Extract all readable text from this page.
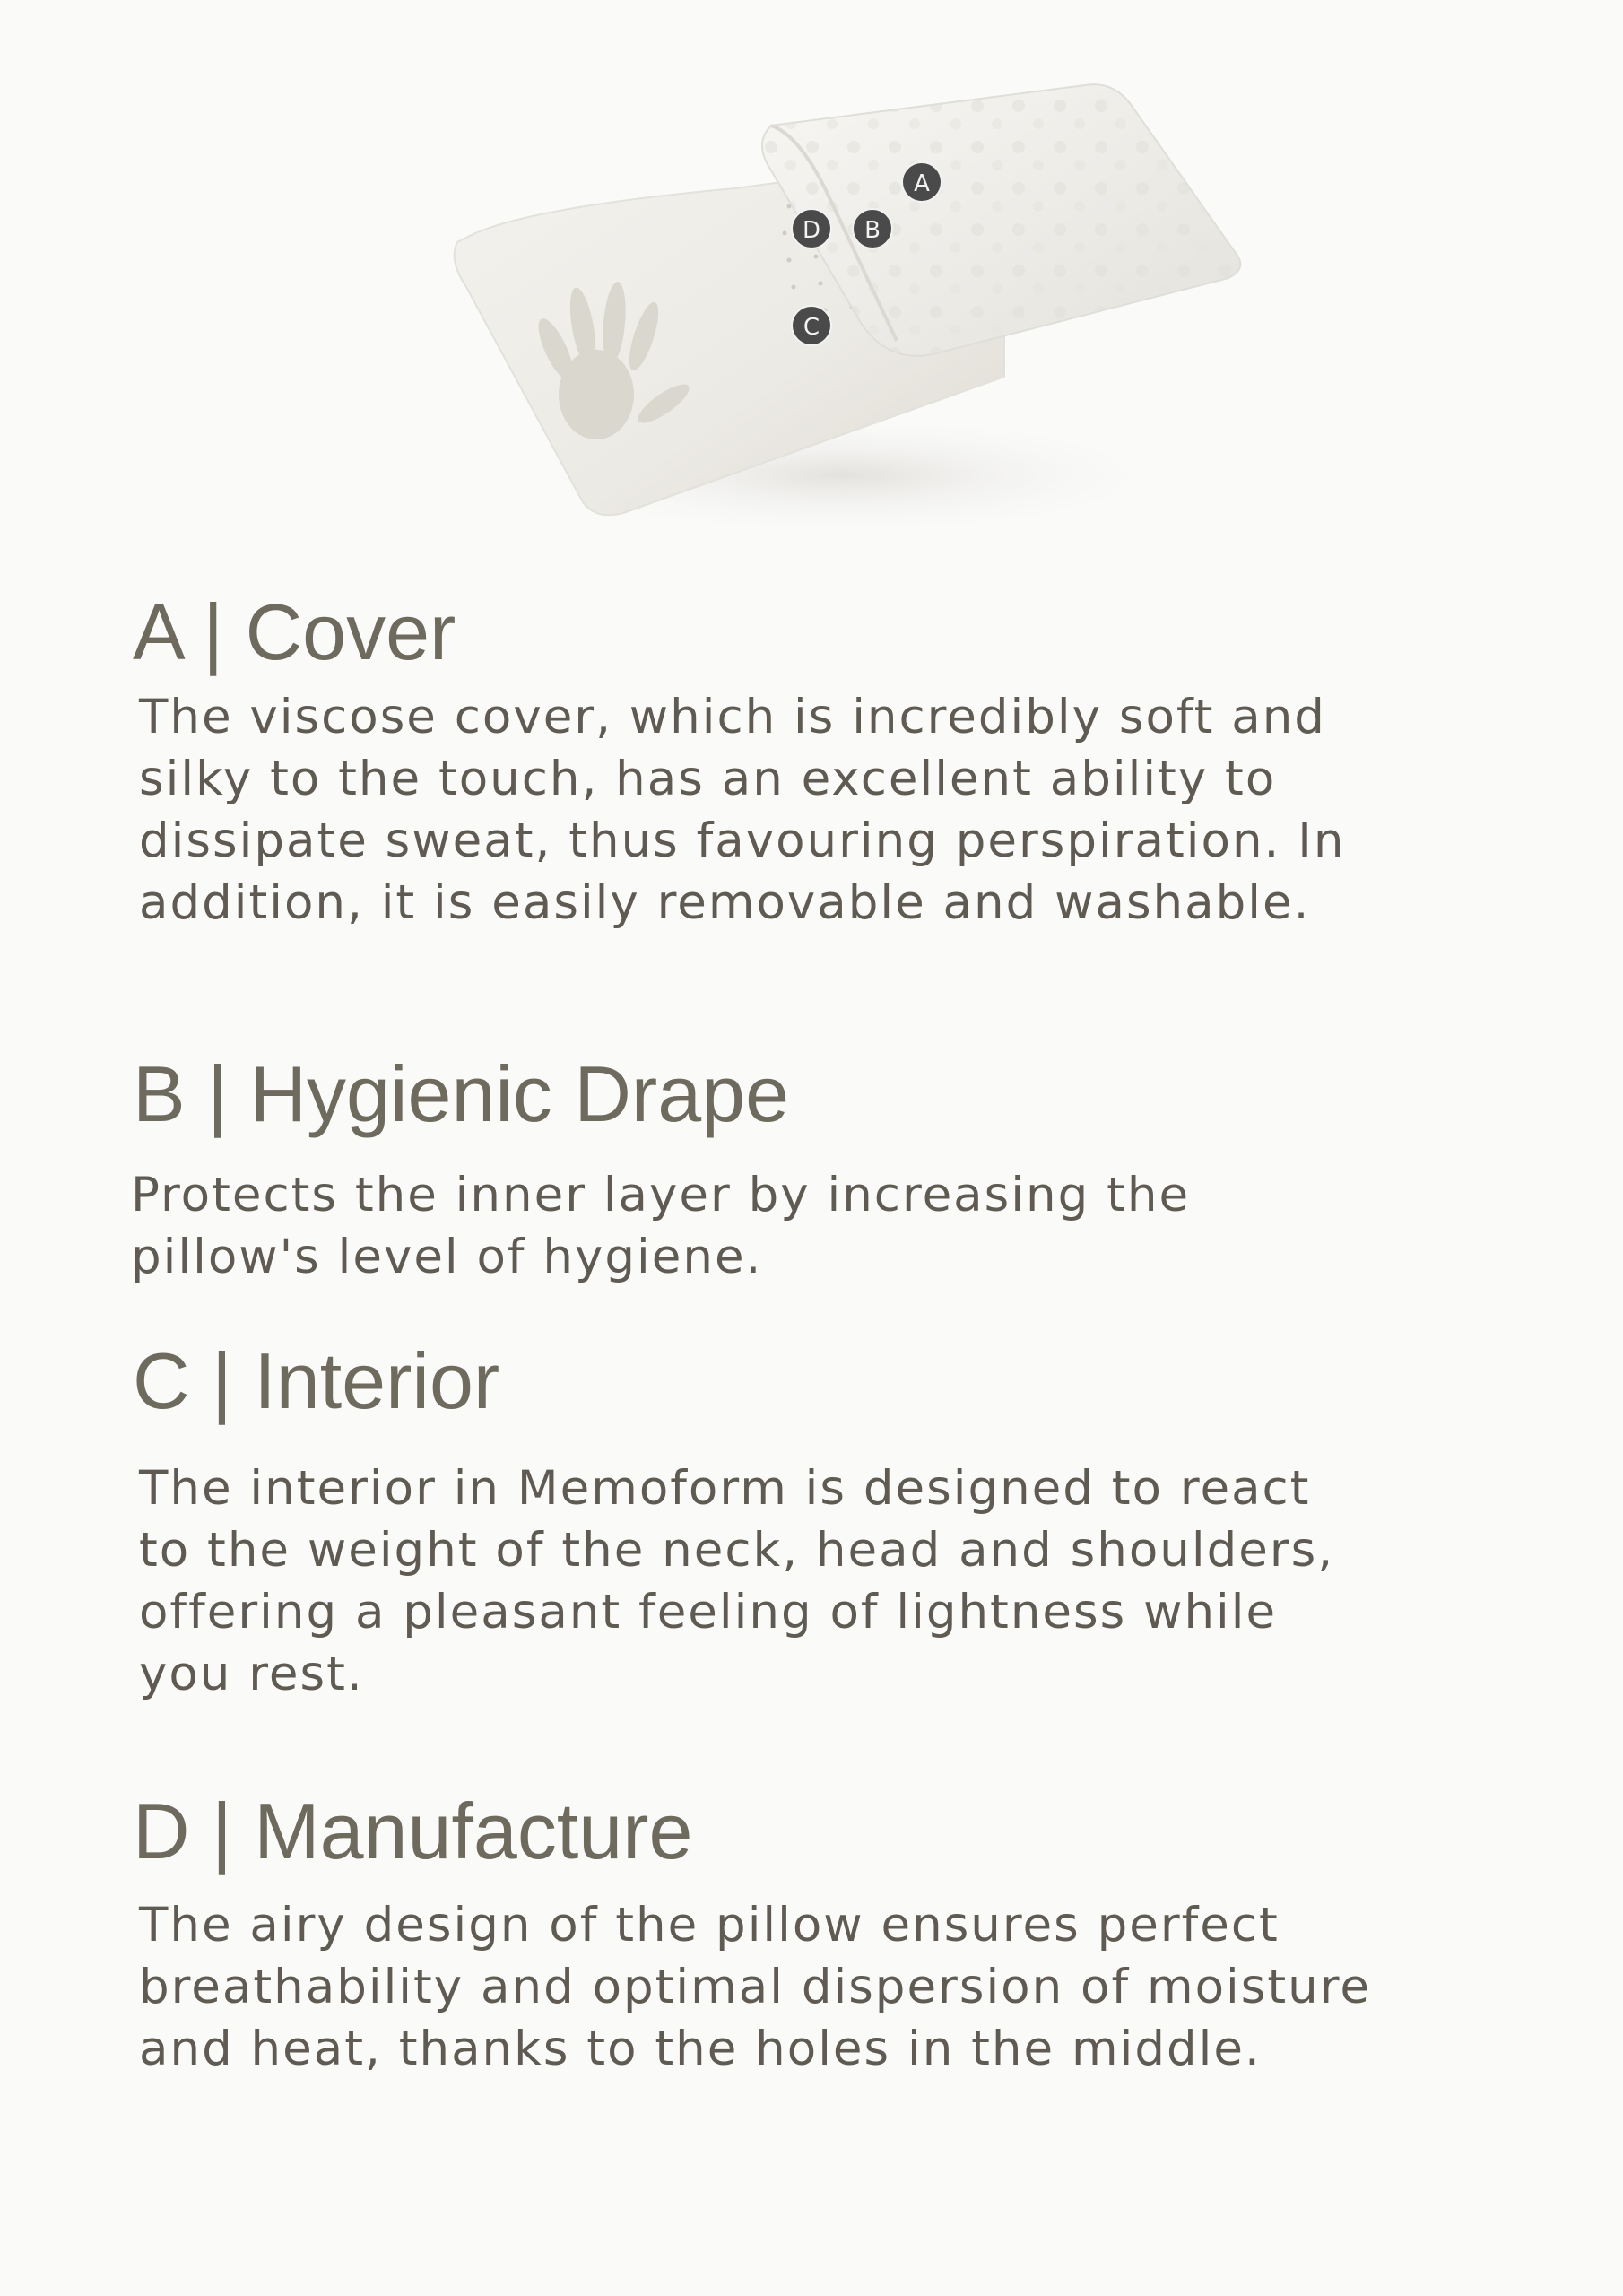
A
D	B
C
A | Cover

The viscose cover, which is incredibly soft and silky to the touch, has an excellent ability to dissipate sweat, thus favouring perspiration. In addition, it is easily removable and washable.

B | Hygienic Drape

Protects the inner layer by increasing the pillow's level of hygiene.

C | Interior

The interior in Memoform is designed to react to the weight of the neck, head and shoulders, offering a pleasant feeling of lightness while you rest.

D | Manufacture

The airy design of the pillow ensures perfect breathability and optimal dispersion of moisture and heat, thanks to the holes in the middle.
